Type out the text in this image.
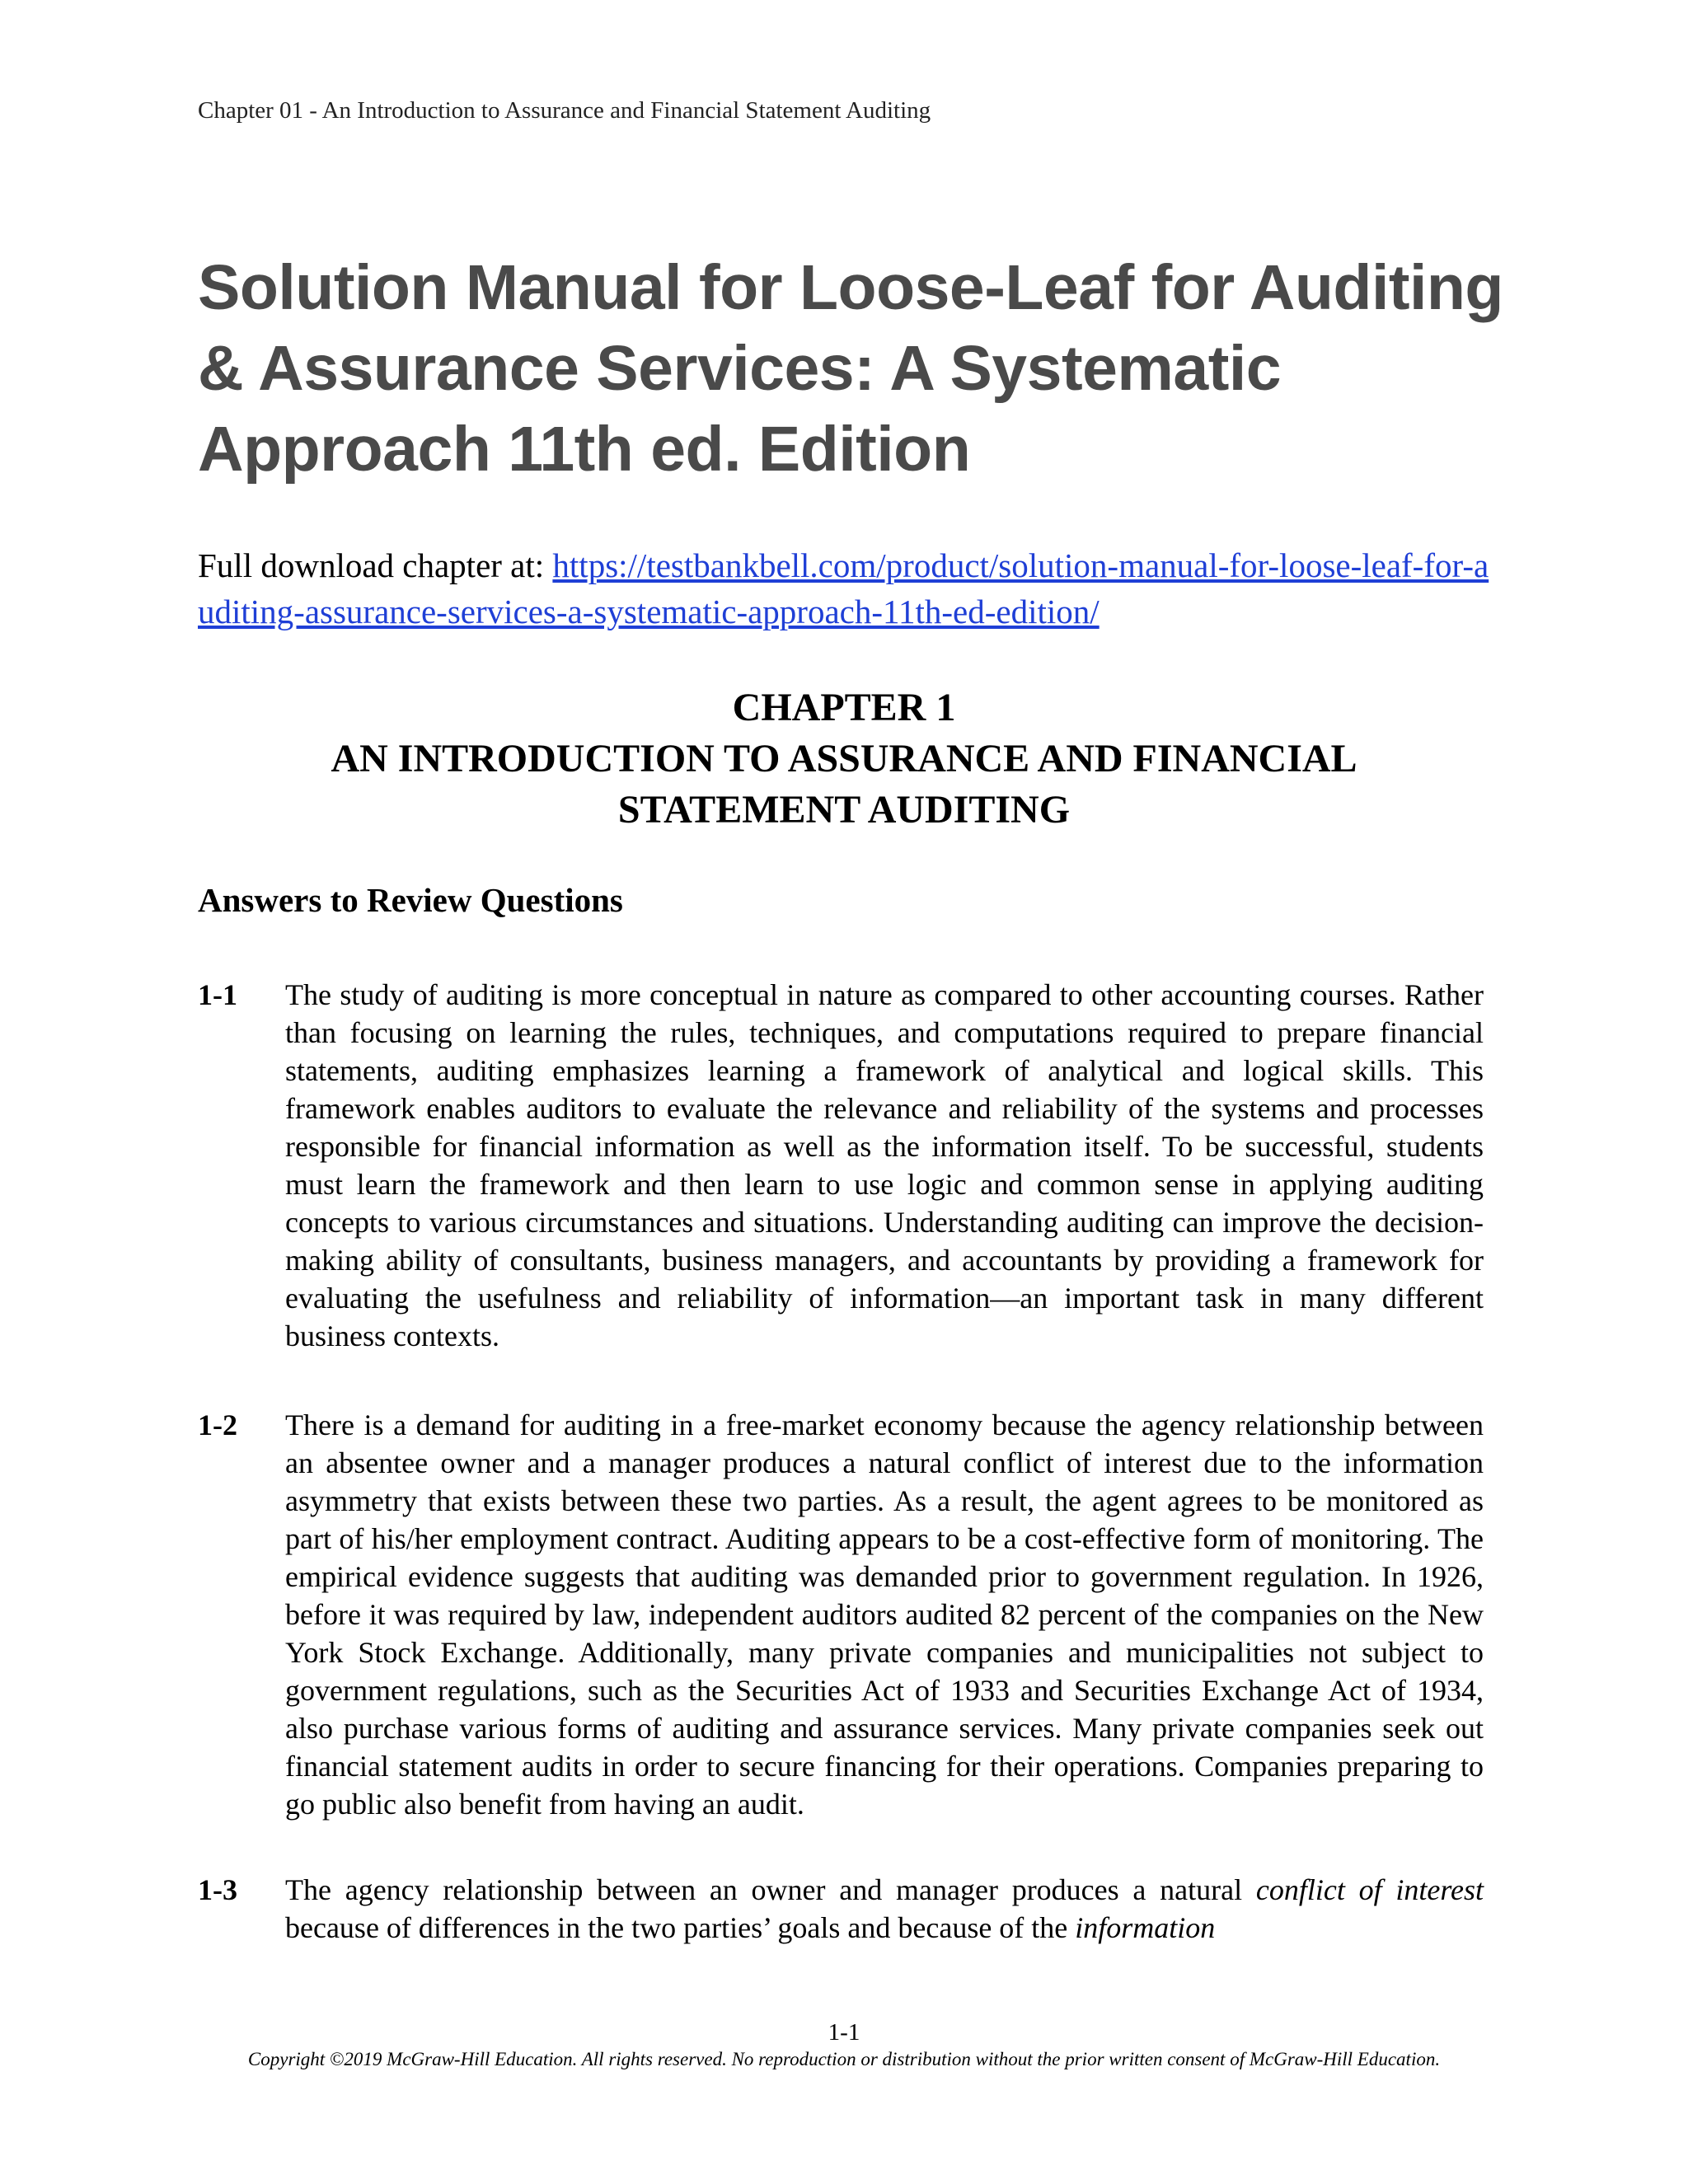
Chapter 01 - An Introduction to Assurance and Financial Statement Auditing
Solution Manual for Loose-Leaf for Auditing & Assurance Services: A Systematic Approach 11th ed. Edition
Full download chapter at: https://testbankbell.com/product/solution-manual-for-loose-leaf-for-auditing-assurance-services-a-systematic-approach-11th-ed-edition/
CHAPTER 1
AN INTRODUCTION TO ASSURANCE AND FINANCIAL
STATEMENT AUDITING
Answers to Review Questions
1-1 The study of auditing is more conceptual in nature as compared to other accounting courses. Rather than focusing on learning the rules, techniques, and computations required to prepare financial statements, auditing emphasizes learning a framework of analytical and logical skills. This framework enables auditors to evaluate the relevance and reliability of the systems and processes responsible for financial information as well as the information itself. To be successful, students must learn the framework and then learn to use logic and common sense in applying auditing concepts to various circumstances and situations. Understanding auditing can improve the decision-making ability of consultants, business managers, and accountants by providing a framework for evaluating the usefulness and reliability of information—an important task in many different business contexts.
1-2 There is a demand for auditing in a free-market economy because the agency relationship between an absentee owner and a manager produces a natural conflict of interest due to the information asymmetry that exists between these two parties. As a result, the agent agrees to be monitored as part of his/her employment contract. Auditing appears to be a cost-effective form of monitoring. The empirical evidence suggests that auditing was demanded prior to government regulation. In 1926, before it was required by law, independent auditors audited 82 percent of the companies on the New York Stock Exchange. Additionally, many private companies and municipalities not subject to government regulations, such as the Securities Act of 1933 and Securities Exchange Act of 1934, also purchase various forms of auditing and assurance services. Many private companies seek out financial statement audits in order to secure financing for their operations. Companies preparing to go public also benefit from having an audit.
1-3 The agency relationship between an owner and manager produces a natural conflict of interest because of differences in the two parties’ goals and because of the information
1-1
Copyright ©2019 McGraw-Hill Education. All rights reserved. No reproduction or distribution without the prior written consent of McGraw-Hill Education.
